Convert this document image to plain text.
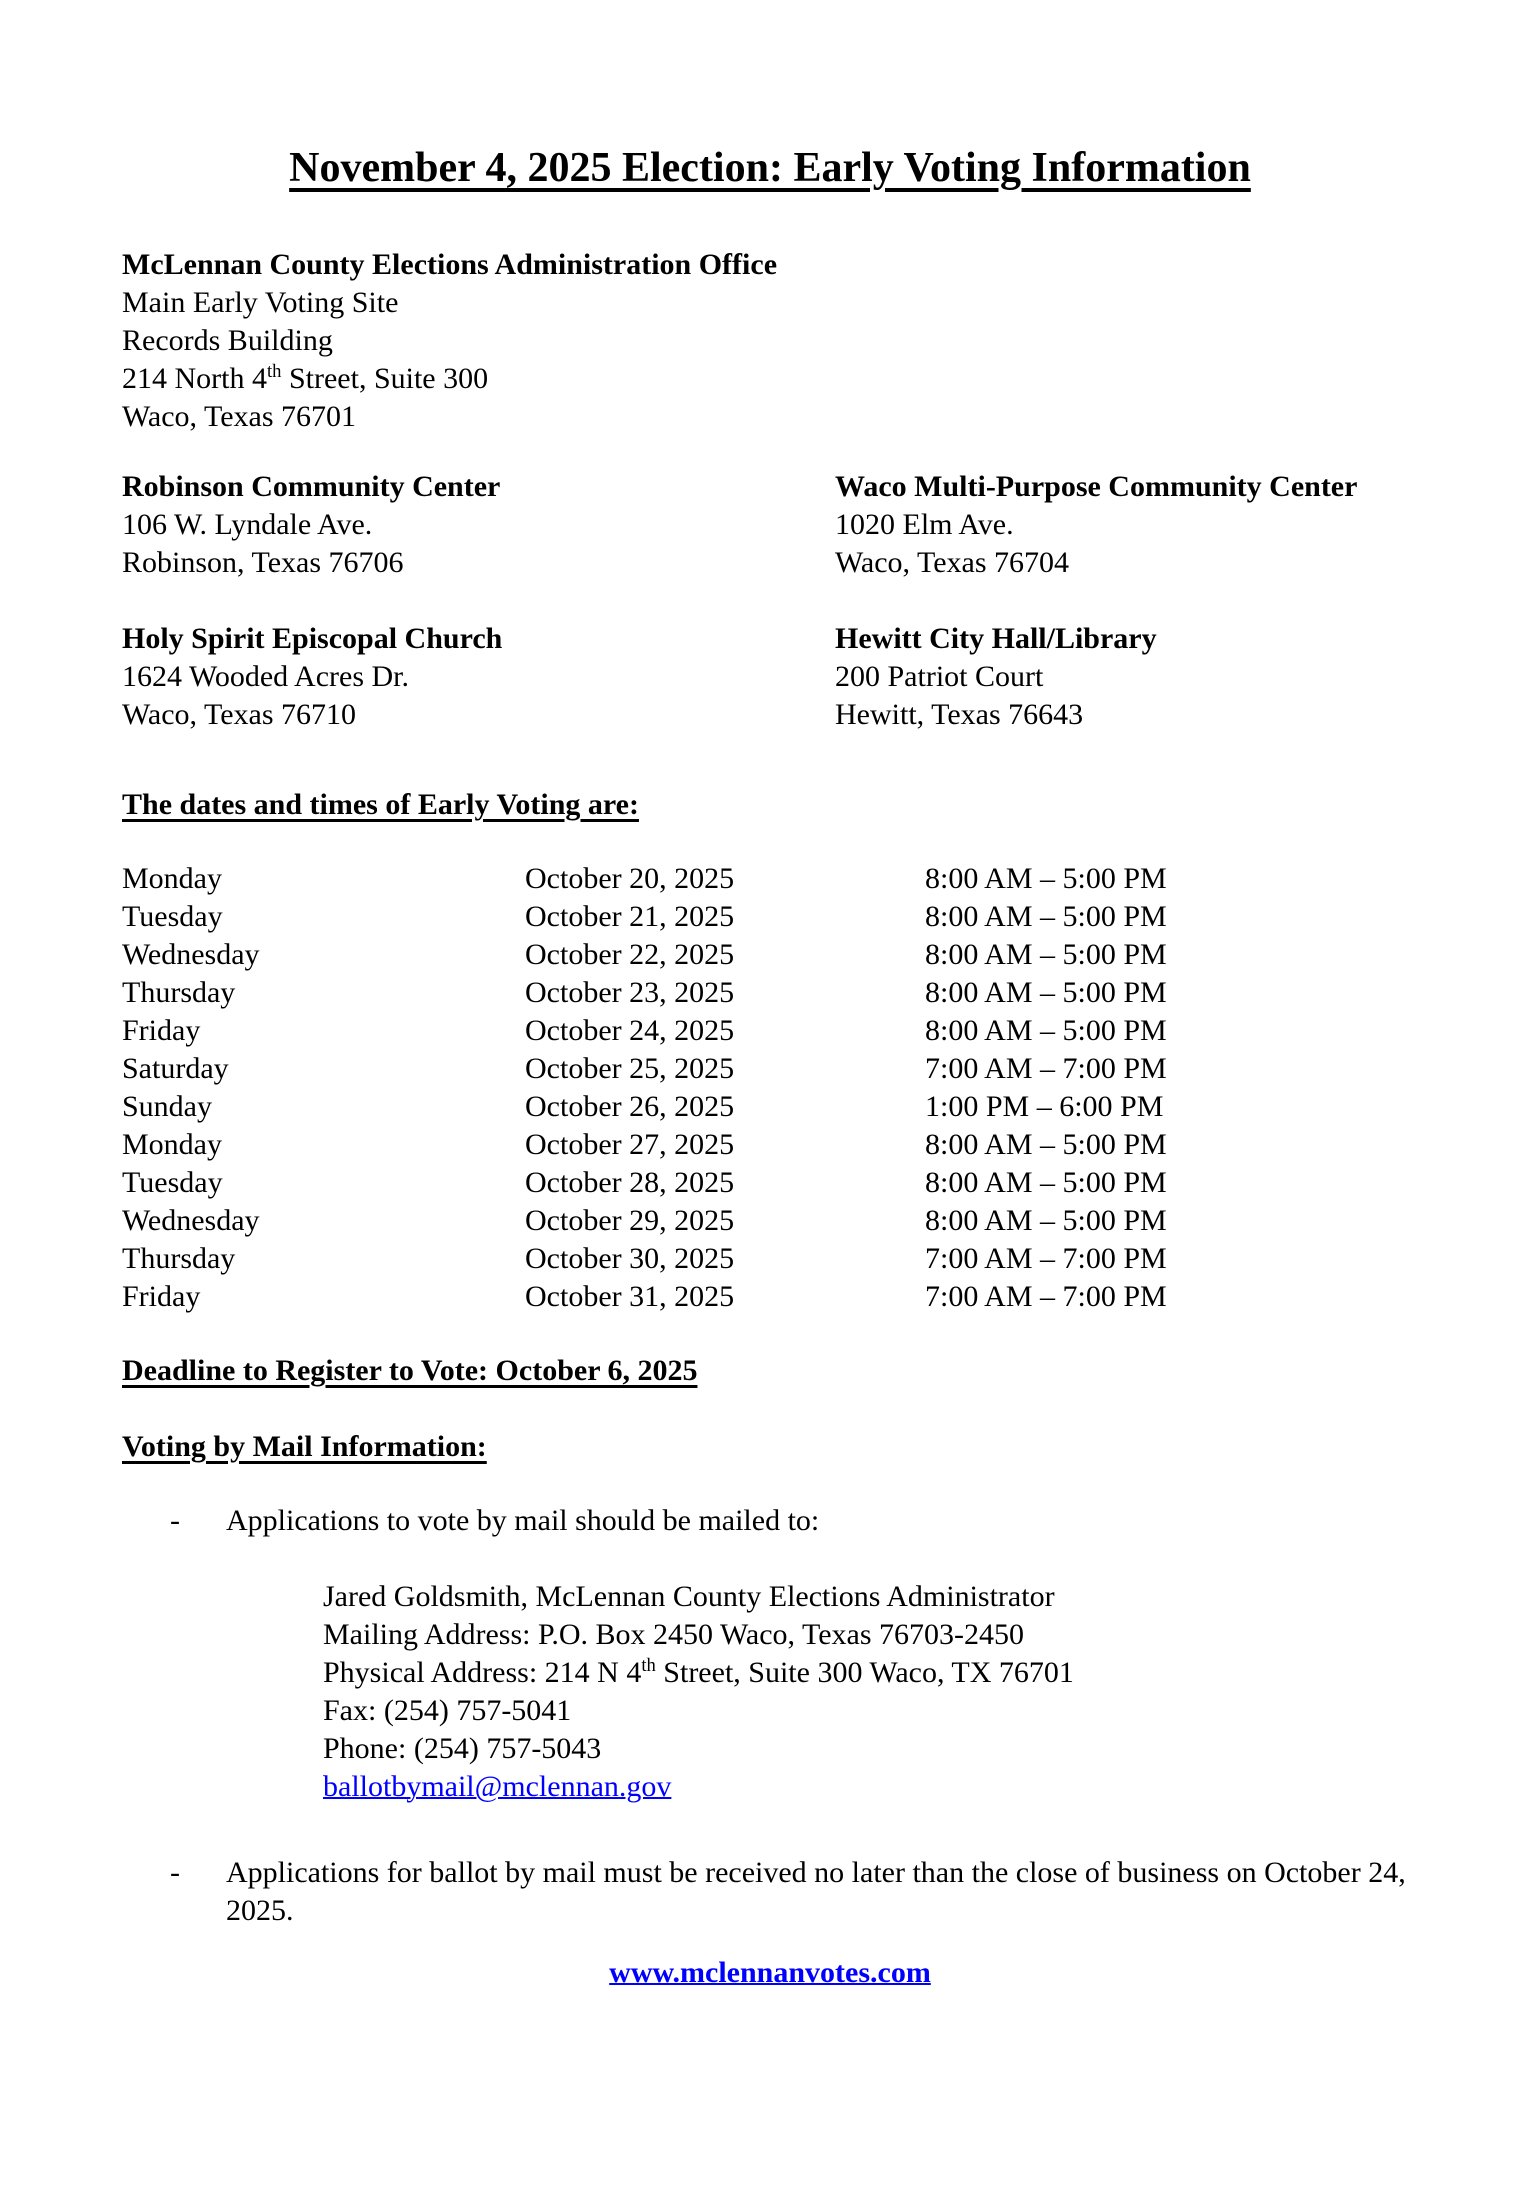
November 4, 2025 Election: Early Voting Information
McLennan County Elections Administration Office
Main Early Voting Site
Records Building
214 North 4th Street, Suite 300
Waco, Texas 76701
Robinson Community Center
106 W. Lyndale Ave.
Robinson, Texas 76706
Waco Multi-Purpose Community Center
1020 Elm Ave.
Waco, Texas 76704
Holy Spirit Episcopal Church
1624 Wooded Acres Dr.
Waco, Texas 76710
Hewitt City Hall/Library
200 Patriot Court
Hewitt, Texas 76643
The dates and times of Early Voting are:
Monday	October 20, 2025	8:00 AM – 5:00 PM
Tuesday	October 21, 2025	8:00 AM – 5:00 PM
Wednesday	October 22, 2025	8:00 AM – 5:00 PM
Thursday	October 23, 2025	8:00 AM – 5:00 PM
Friday	October 24, 2025	8:00 AM – 5:00 PM
Saturday	October 25, 2025	7:00 AM – 7:00 PM
Sunday	October 26, 2025	1:00 PM – 6:00 PM
Monday	October 27, 2025	8:00 AM – 5:00 PM
Tuesday	October 28, 2025	8:00 AM – 5:00 PM
Wednesday	October 29, 2025	8:00 AM – 5:00 PM
Thursday	October 30, 2025	7:00 AM – 7:00 PM
Friday	October 31, 2025	7:00 AM – 7:00 PM
Deadline to Register to Vote: October 6, 2025
Voting by Mail Information:
-	Applications to vote by mail should be mailed to:
Jared Goldsmith, McLennan County Elections Administrator
Mailing Address: P.O. Box 2450 Waco, Texas 76703-2450
Physical Address: 214 N 4th Street, Suite 300 Waco, TX 76701
Fax: (254) 757-5041
Phone: (254) 757-5043
ballotbymail@mclennan.gov
-	Applications for ballot by mail must be received no later than the close of business on October 24, 2025.
www.mclennanvotes.com
